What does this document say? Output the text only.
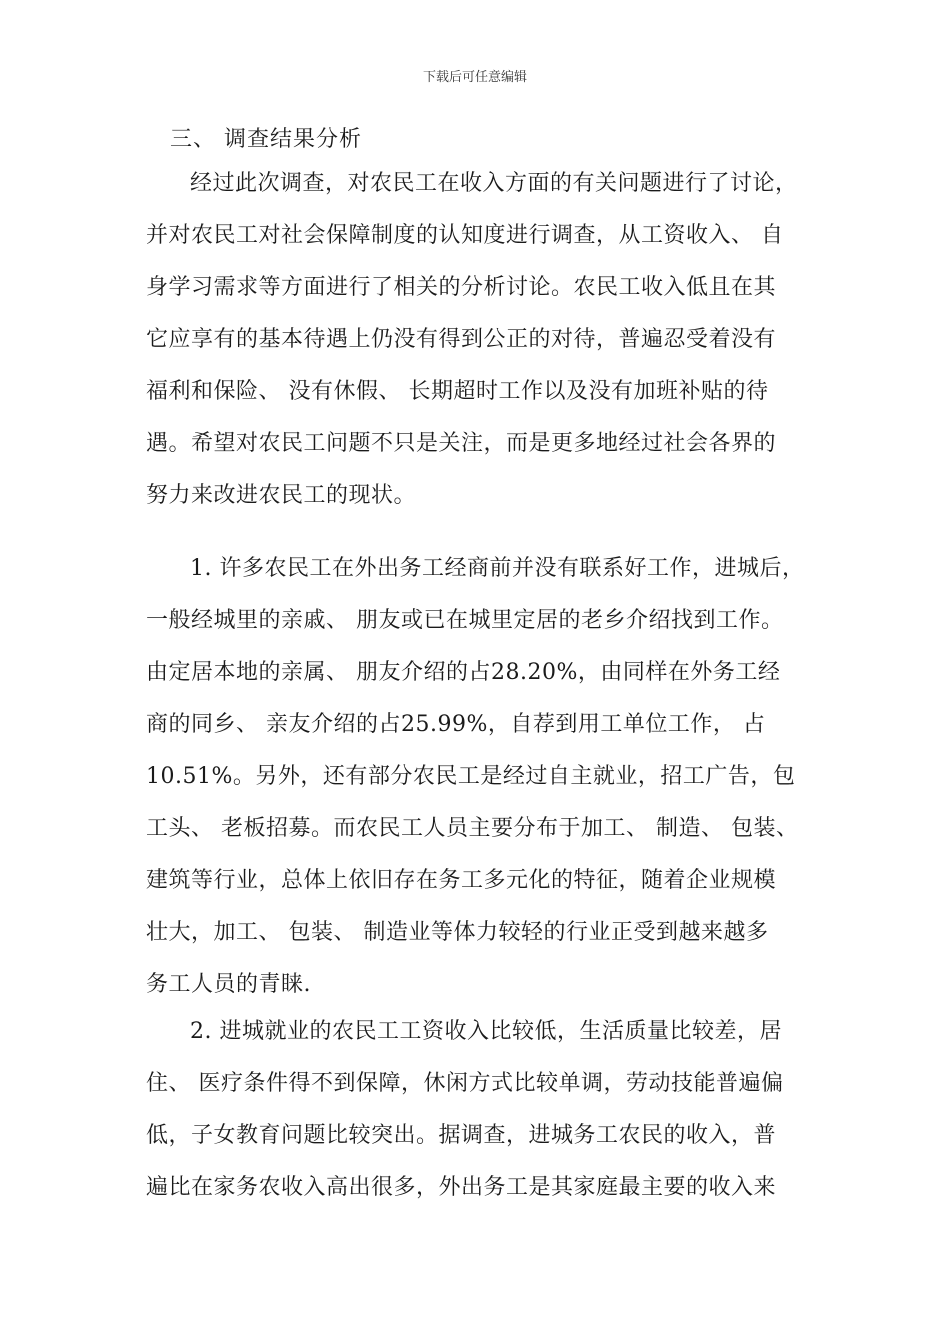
下载后可任意编辑
三、 调查结果分析
经过此次调查，对农民工在收入方面的有关问题进行了讨论，
并对农民工对社会保障制度的认知度进行调查，从工资收入、 自
身学习需求等方面进行了相关的分析讨论。农民工收入低且在其
它应享有的基本待遇上仍没有得到公正的对待，普遍忍受着没有
福利和保险、 没有休假、 长期超时工作以及没有加班补贴的待
遇。希望对农民工问题不只是关注，而是更多地经过社会各界的
努力来改进农民工的现状。
1. 许多农民工在外出务工经商前并没有联系好工作，进城后，
一般经城里的亲戚、 朋友或已在城里定居的老乡介绍找到工作。
由定居本地的亲属、 朋友介绍的占28.20%，由同样在外务工经
商的同乡、 亲友介绍的占25.99%，自荐到用工单位工作， 占
10.51%。另外，还有部分农民工是经过自主就业，招工广告，包
工头、 老板招募。而农民工人员主要分布于加工、 制造、 包装、
建筑等行业，总体上依旧存在务工多元化的特征，随着企业规模
壮大，加工、 包装、 制造业等体力较轻的行业正受到越来越多
务工人员的青睐.
2. 进城就业的农民工工资收入比较低，生活质量比较差，居
住、 医疗条件得不到保障，休闲方式比较单调，劳动技能普遍偏
低，子女教育问题比较突出。据调查，进城务工农民的收入，普
遍比在家务农收入高出很多，外出务工是其家庭最主要的收入来
